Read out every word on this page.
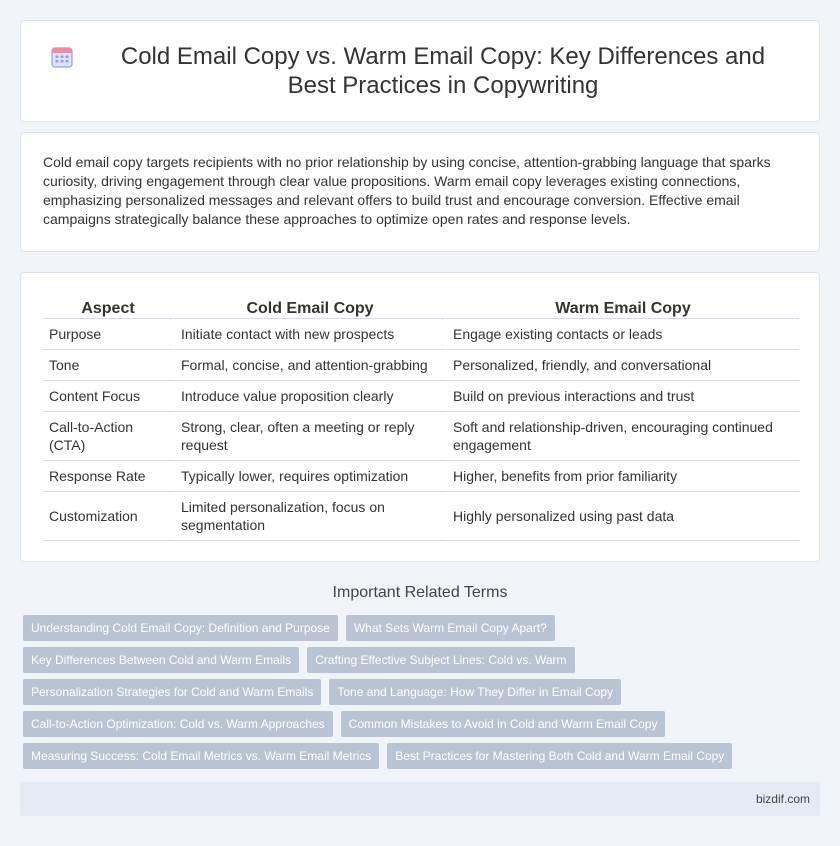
Cold Email Copy vs. Warm Email Copy: Key Differences and Best Practices in Copywriting

Cold email copy targets recipients with no prior relationship by using concise, attention-grabbing language that sparks curiosity, driving engagement through clear value propositions. Warm email copy leverages existing connections, emphasizing personalized messages and relevant offers to build trust and encourage conversion. Effective email campaigns strategically balance these approaches to optimize open rates and response levels.

Aspect	Cold Email Copy	Warm Email Copy
Purpose	Initiate contact with new prospects	Engage existing contacts or leads
Tone	Formal, concise, and attention-grabbing	Personalized, friendly, and conversational
Content Focus	Introduce value proposition clearly	Build on previous interactions and trust
Call-to-Action (CTA)	Strong, clear, often a meeting or reply request	Soft and relationship-driven, encouraging continued engagement
Response Rate	Typically lower, requires optimization	Higher, benefits from prior familiarity
Customization	Limited personalization, focus on segmentation	Highly personalized using past data
Important Related Terms
Understanding Cold Email Copy: Definition and Purpose	What Sets Warm Email Copy Apart?
Key Differences Between Cold and Warm Emails	Crafting Effective Subject Lines: Cold vs. Warm
Personalization Strategies for Cold and Warm Emails	Tone and Language: How They Differ in Email Copy
Call-to-Action Optimization: Cold vs. Warm Approaches	Common Mistakes to Avoid in Cold and Warm Email Copy
Measuring Success: Cold Email Metrics vs. Warm Email Metrics	Best Practices for Mastering Both Cold and Warm Email Copy
bizdif.com
